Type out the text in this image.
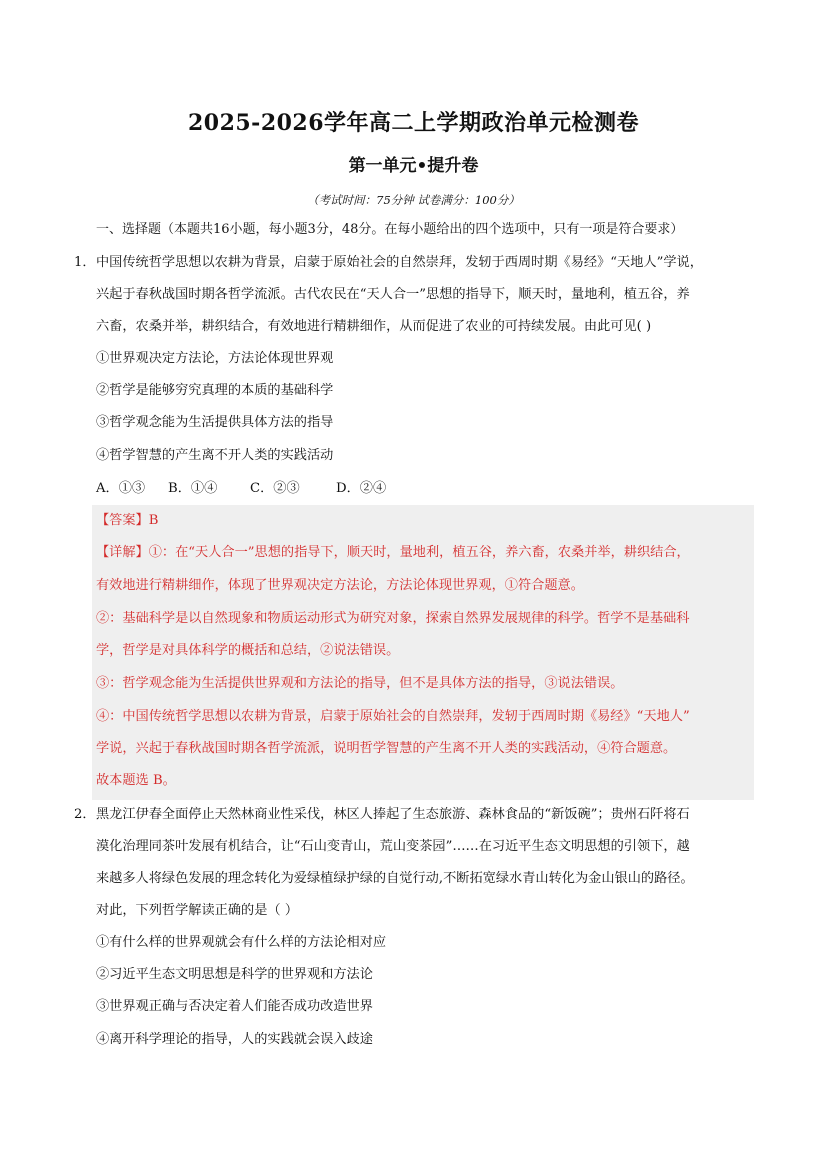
2025-2026学年高二上学期政治单元检测卷
第一单元•提升卷
（考试时间：75分钟 试卷满分：100分）
一、选择题（本题共16小题，每小题3分，48分。在每小题给出的四个选项中，只有一项是符合要求）
1． 中国传统哲学思想以农耕为背景，启蒙于原始社会的自然崇拜，发轫于西周时期《易经》“天地人”学说，
兴起于春秋战国时期各哲学流派。古代农民在“天人合一”思想的指导下，顺天时，量地利，植五谷，养
六畜，农桑并举，耕织结合，有效地进行精耕细作，从而促进了农业的可持续发展。由此可见( )
①世界观决定方法论，方法论体现世界观
②哲学是能够穷究真理的本质的基础科学
③哲学观念能为生活提供具体方法的指导
④哲学智慧的产生离不开人类的实践活动
A．①③ B．①④ C．②③	D．②④
【答案】B
【详解】①：在“天人合一”思想的指导下，顺天时，量地利，植五谷，养六畜，农桑并举，耕织结合，
有效地进行精耕细作，体现了世界观决定方法论，方法论体现世界观，①符合题意。
②：基础科学是以自然现象和物质运动形式为研究对象，探索自然界发展规律的科学。哲学不是基础科
学，哲学是对具体科学的概括和总结，②说法错误。
③：哲学观念能为生活提供世界观和方法论的指导，但不是具体方法的指导，③说法错误。
④：中国传统哲学思想以农耕为背景，启蒙于原始社会的自然崇拜，发轫于西周时期《易经》“天地人”
学说，兴起于春秋战国时期各哲学流派，说明哲学智慧的产生离不开人类的实践活动，④符合题意。
故本题选 B。
2． 黑龙江伊春全面停止天然林商业性采伐，林区人捧起了生态旅游、森林食品的“新饭碗”；贵州石阡将石
漠化治理同茶叶发展有机结合，让“石山变青山，荒山变茶园”……在习近平生态文明思想的引领下，越
来越多人将绿色发展的理念转化为爱绿植绿护绿的自觉行动,不断拓宽绿水青山转化为金山银山的路径。
对此，下列哲学解读正确的是（ ）
①有什么样的世界观就会有什么样的方法论相对应
②习近平生态文明思想是科学的世界观和方法论
③世界观正确与否决定着人们能否成功改造世界
④离开科学理论的指导，人的实践就会误入歧途
